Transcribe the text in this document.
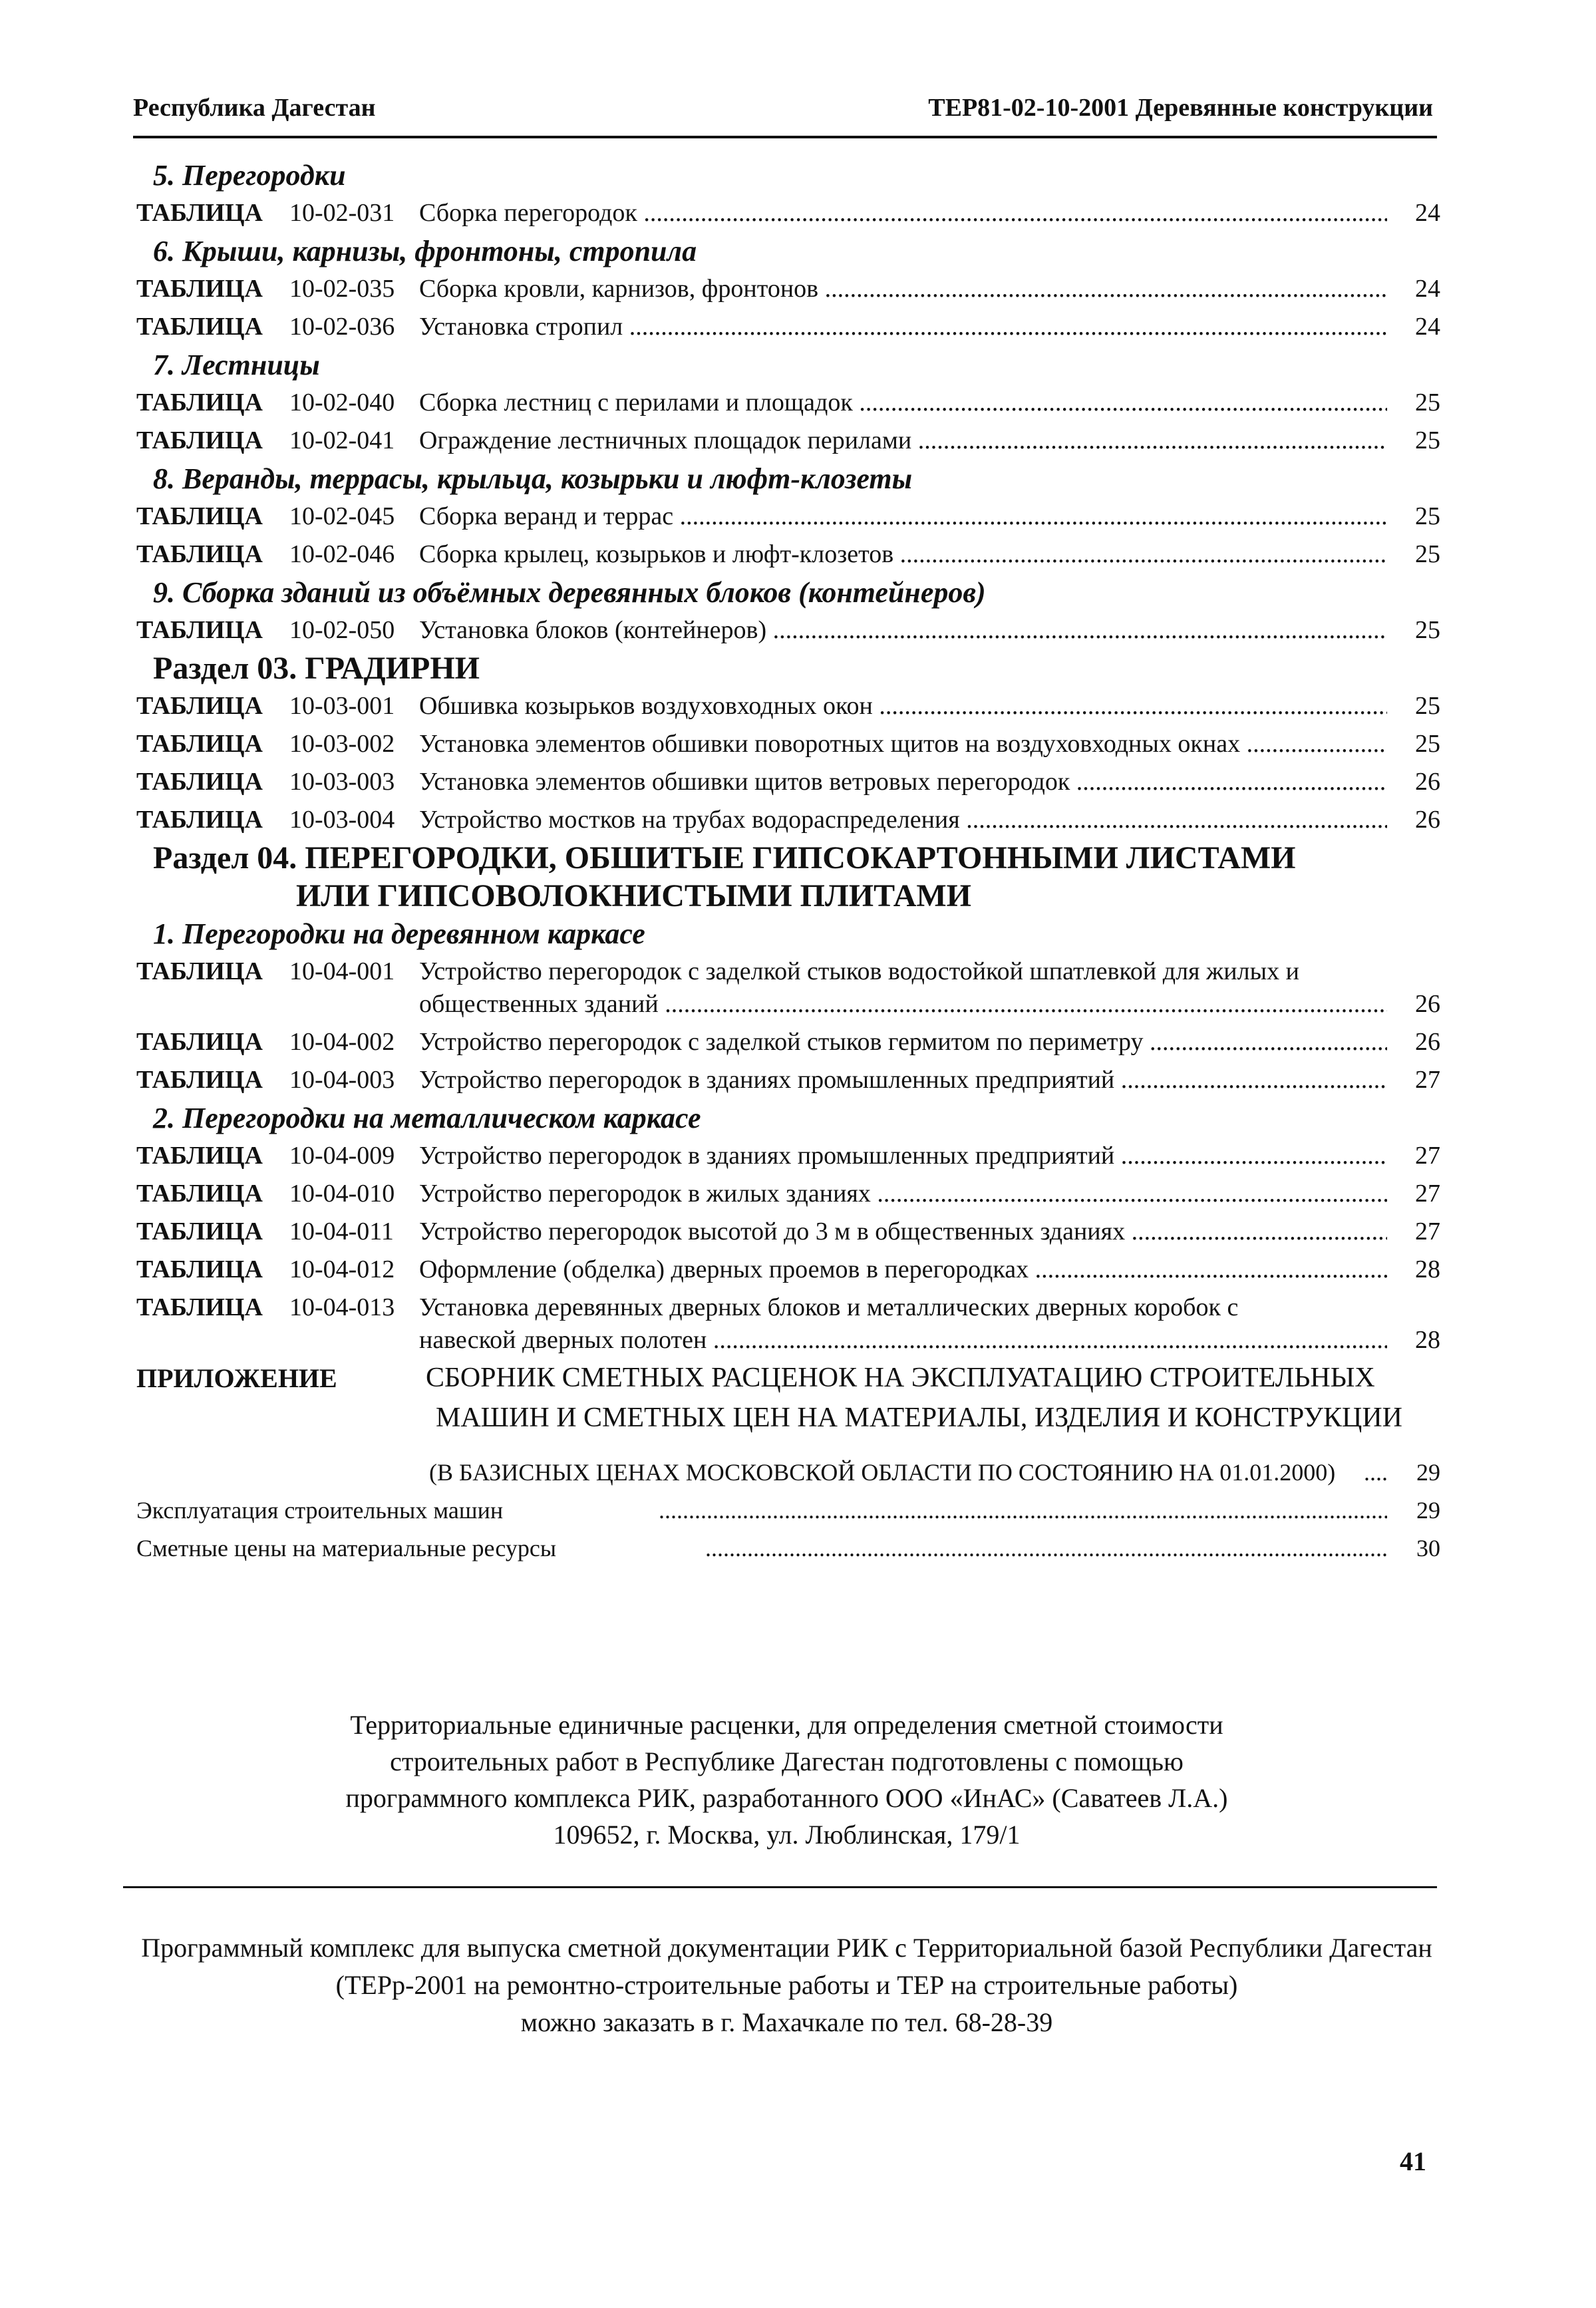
Республика Дагестан	ТЕР81-02-10-2001 Деревянные конструкции
5. Перегородки
ТАБЛИЦА 10-02-031 Сборка перегородок .....	24
6. Крыши, карнизы, фронтоны, стропила
ТАБЛИЦА 10-02-035 Сборка кровли, карнизов, фронтонов .....	24
ТАБЛИЦА 10-02-036 Установка стропил .....	24
7. Лестницы
ТАБЛИЦА 10-02-040 Сборка лестниц с перилами и площадок .....	25
ТАБЛИЦА 10-02-041 Ограждение лестничных площадок перилами .....	25
8. Веранды, террасы, крыльца, козырьки и люфт-клозеты
ТАБЛИЦА 10-02-045 Сборка веранд и террас .....	25
ТАБЛИЦА 10-02-046 Сборка крылец, козырьков и люфт-клозетов .....	25
9. Сборка зданий из объёмных деревянных блоков (контейнеров)
ТАБЛИЦА 10-02-050 Установка блоков (контейнеров) .....	25
Раздел 03. ГРАДИРНИ
ТАБЛИЦА 10-03-001 Обшивка козырьков воздуховходных окон .....	25
ТАБЛИЦА 10-03-002 Установка элементов обшивки поворотных щитов на воздуховходных окнах .....	25
ТАБЛИЦА 10-03-003 Установка элементов обшивки щитов ветровых перегородок .....	26
ТАБЛИЦА 10-03-004 Устройство мостков на трубах водораспределения .....	26
Раздел 04. ПЕРЕГОРОДКИ, ОБШИТЫЕ ГИПСОКАРТОННЫМИ ЛИСТАМИ
ИЛИ ГИПСОВОЛОКНИСТЫМИ ПЛИТАМИ
1. Перегородки на деревянном каркасе
ТАБЛИЦА 10-04-001 Устройство перегородок с заделкой стыков водостойкой шпатлевкой для жилых и
общественных зданий .....	26
ТАБЛИЦА 10-04-002 Устройство перегородок с заделкой стыков гермитом по периметру .....	26
ТАБЛИЦА 10-04-003 Устройство перегородок в зданиях промышленных предприятий .....	27
2. Перегородки на металлическом каркасе
ТАБЛИЦА 10-04-009 Устройство перегородок в зданиях промышленных предприятий .....	27
ТАБЛИЦА 10-04-010 Устройство перегородок в жилых зданиях .....	27
ТАБЛИЦА 10-04-011 Устройство перегородок высотой до 3 м в общественных зданиях .....	27
ТАБЛИЦА 10-04-012 Оформление (обделка) дверных проемов в перегородках .....	28
ТАБЛИЦА 10-04-013 Установка деревянных дверных блоков и металлических дверных коробок с
навеской дверных полотен .....	28
ПРИЛОЖЕНИЕ	СБОРНИК СМЕТНЫХ РАСЦЕНОК НА ЭКСПЛУАТАЦИЮ СТРОИТЕЛЬНЫХ
МАШИН И СМЕТНЫХ ЦЕН НА МАТЕРИАЛЫ, ИЗДЕЛИЯ И КОНСТРУКЦИИ
(В БАЗИСНЫХ ЦЕНАХ МОСКОВСКОЙ ОБЛАСТИ ПО СОСТОЯНИЮ НА 01.01.2000) .....	29
Эксплуатация строительных машин .....	29
Сметные цены на материальные ресурсы .....	30
Территориальные единичные расценки, для определения сметной стоимости
строительных работ в Республике Дагестан подготовлены с помощью
программного комплекса РИК, разработанного ООО «ИнАС» (Саватеев Л.А.)
109652, г. Москва, ул. Люблинская, 179/1
Программный комплекс для выпуска сметной документации РИК с Территориальной базой Республики Дагестан
(ТЕРр-2001 на ремонтно-строительные работы и ТЕР на строительные работы)
можно заказать в г. Махачкале по тел. 68-28-39
41
